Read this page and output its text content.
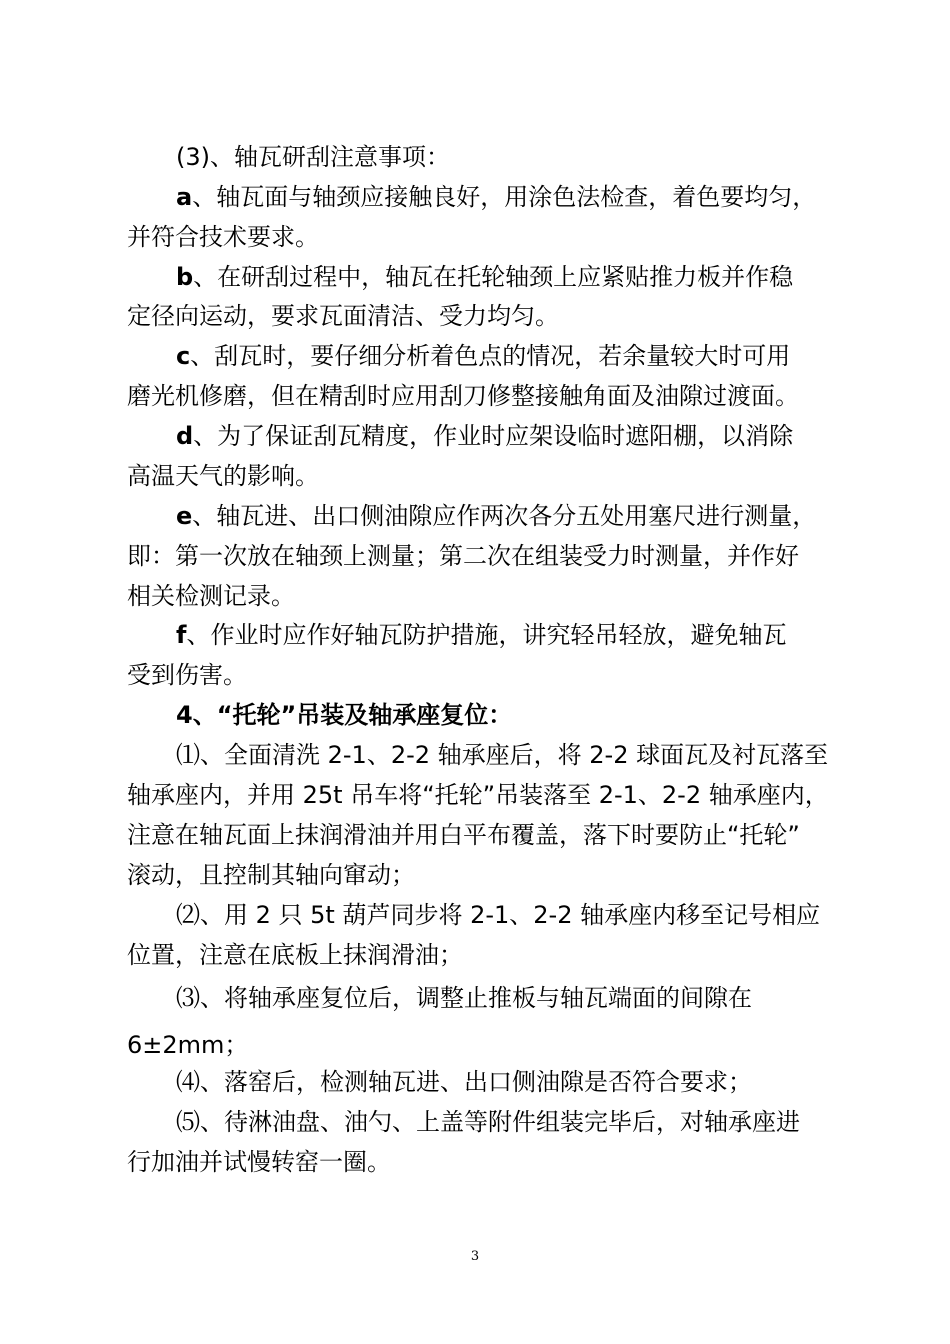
(3)、轴瓦研刮注意事项：

a、轴瓦面与轴颈应接触良好，用涂色法检查，着色要均匀，

并符合技术要求。

b、在研刮过程中，轴瓦在托轮轴颈上应紧贴推力板并作稳

定径向运动，要求瓦面清洁、受力均匀。

c、刮瓦时，要仔细分析着色点的情况，若余量较大时可用

磨光机修磨，但在精刮时应用刮刀修整接触角面及油隙过渡面。

d、为了保证刮瓦精度，作业时应架设临时遮阳棚，以消除

高温天气的影响。

e、轴瓦进、出口侧油隙应作两次各分五处用塞尺进行测量，

即：第一次放在轴颈上测量；第二次在组装受力时测量，并作好

相关检测记录。

f、作业时应作好轴瓦防护措施，讲究轻吊轻放，避免轴瓦

受到伤害。

4、“托轮”吊装及轴承座复位：

⑴、全面清洗 2-1、2-2 轴承座后，将 2-2 球面瓦及衬瓦落至

轴承座内，并用 25t 吊车将“托轮”吊装落至 2-1、2-2 轴承座内，

注意在轴瓦面上抹润滑油并用白平布覆盖，落下时要防止“托轮”

滚动，且控制其轴向窜动；

⑵、用 2 只 5t 葫芦同步将 2-1、2-2 轴承座内移至记号相应

位置，注意在底板上抹润滑油；

⑶、将轴承座复位后，调整止推板与轴瓦端面的间隙在

6±2mm；

⑷、落窑后，检测轴瓦进、出口侧油隙是否符合要求；

⑸、待淋油盘、油勺、上盖等附件组装完毕后，对轴承座进

行加油并试慢转窑一圈。

3
